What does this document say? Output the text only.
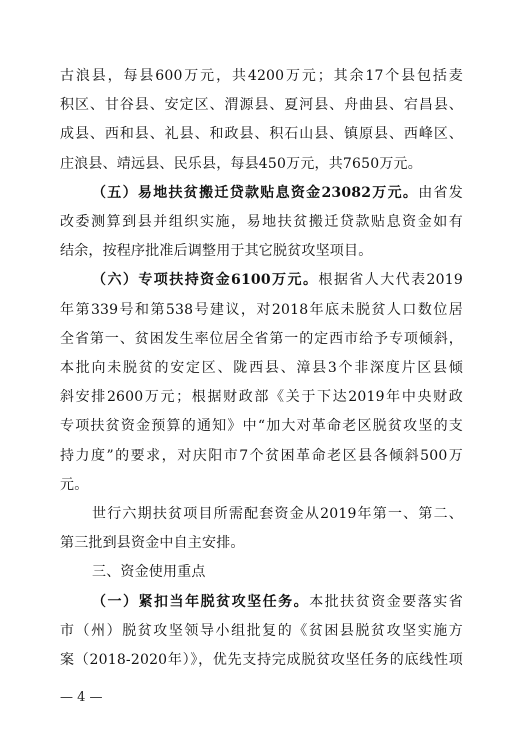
古浪县，每县600万元，共4200万元；其余17个县包括麦
积区、甘谷县、安定区、渭源县、夏河县、舟曲县、宕昌县、
成县、西和县、礼县、和政县、积石山县、镇原县、西峰区、
庄浪县、靖远县、民乐县，每县450万元，共7650万元。
（五）易地扶贫搬迁贷款贴息资金23082万元。由省发
改委测算到县并组织实施，易地扶贫搬迁贷款贴息资金如有
结余，按程序批准后调整用于其它脱贫攻坚项目。
（六）专项扶持资金6100万元。根据省人大代表2019
年第339号和第538号建议，对2018年底未脱贫人口数位居
全省第一、贫困发生率位居全省第一的定西市给予专项倾斜，
本批向未脱贫的安定区、陇西县、漳县3个非深度片区县倾
斜安排2600万元；根据财政部《关于下达2019年中央财政
专项扶贫资金预算的通知》中“加大对革命老区脱贫攻坚的支
持力度”的要求，对庆阳市7个贫困革命老区县各倾斜500万
元。
世行六期扶贫项目所需配套资金从2019年第一、第二、
第三批到县资金中自主安排。
三、资金使用重点
（一）紧扣当年脱贫攻坚任务。本批扶贫资金要落实省
市（州）脱贫攻坚领导小组批复的《贫困县脱贫攻坚实施方
案（2018-2020年）》，优先支持完成脱贫攻坚任务的底线性项
— 4 —
